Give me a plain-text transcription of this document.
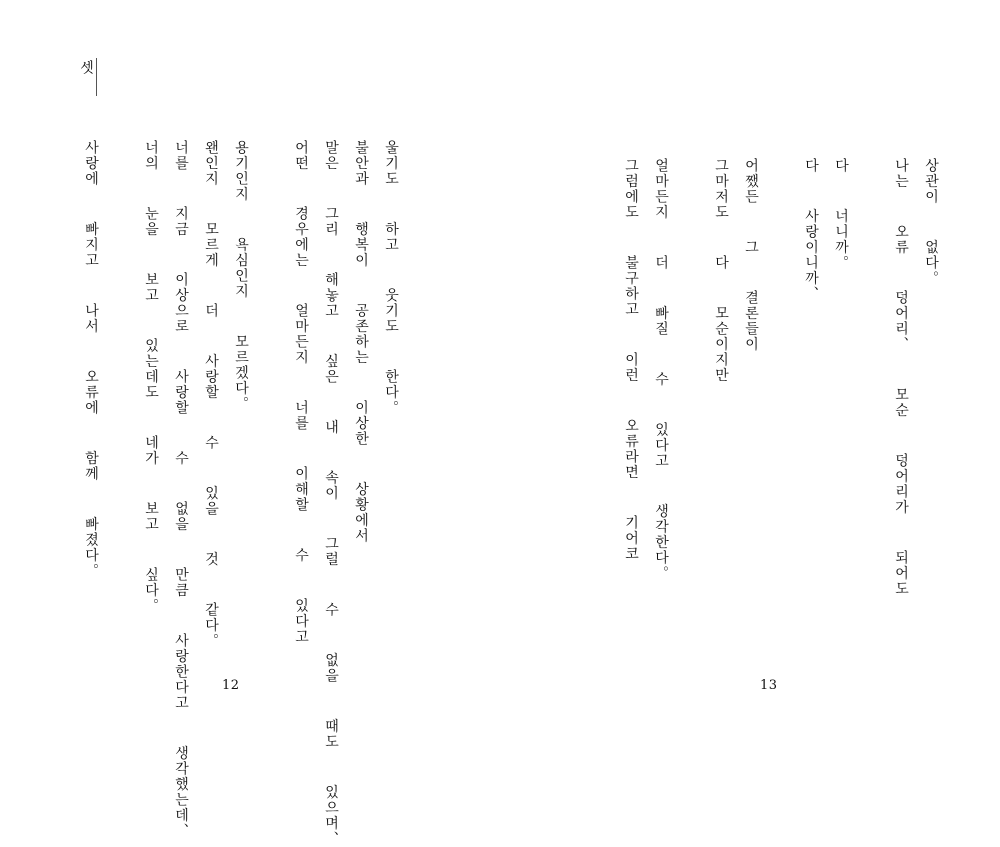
셋

울기도  하고  웃기도  한다。
불안과  행복이  공존하는  이상한  상황에서
말은  그리  해놓고  싶은  내  속이  그럴  수  없을  때도  있으며、
어떤  경우에는  얼마든지  너를  이해할  수  있다고

용기인지  욕심인지  모르겠다。
왠인지  모르게  더  사랑할  수  있을  것  같다。
너를  지금  이상으로  사랑할  수  없을  만큼  사랑한다고  생각했는데、
너의  눈을  보고  있는데도  네가  보고  싶다。

사랑에  빠지고  나서  오류에  함께  빠졌다。
12

상관이  없다。
나는  오류  덩어리、  모순  덩어리가  되어도

다  너니까。
다  사랑이니까、

어쨌든  그  결론들이
그마저도  다  모순이지만

얼마든지  더  빠질  수  있다고  생각한다。
그럼에도  불구하고  이런  오류라면  기어코
13
